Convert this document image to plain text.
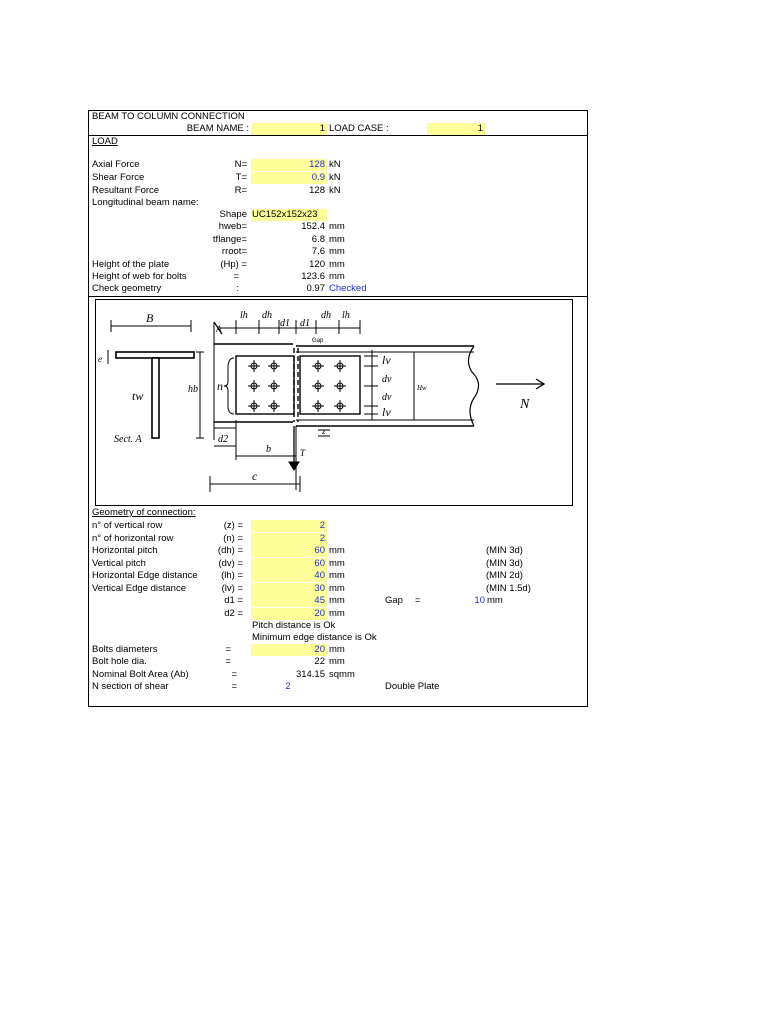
BEAM TO COLUMN CONNECTION
BEAM NAME :	1 LOAD CASE :	1
LOAD
Axial Force	N=	128 kN
Shear Force	T=	0.9 kN
Resultant Force	R=	128 kN
Longitudinal beam name:
Shape UC152x152x23
hweb=	152.4 mm
tflange=	6.8 mm
rroot=	7.6 mm
Height of the plate	(Hp) =	120 mm
Height of web for bolts	=	123.6 mm
Check geometry	:	0.97 Checked
B
e
tw	hb
Sect. A
A
lh dh
d1 d1
dh lh
Gap
n
lv
dv
dv
lv
Hw
N
z
d2
b	T
c
Geometry of connection:
n° of vertical row	(z) =	2
n° of horizontal row	(n) =	2
Horizontal pitch	(dh) =	60 mm	(MIN 3d)
Vertical pitch	(dv) =	60 mm	(MIN 3d)
Horizontal Edge distance	(lh) =	40 mm	(MIN 2d)
Vertical Edge distance	(lv) =	30 mm	(MIN 1.5d)
d1 =	45 mm
d2 =	20 mm
Gap =	10 mm
Pitch distance is Ok
Minimum edge distance is Ok
Bolts diameters	=	20 mm
Bolt hole dia.	=	22 mm
Nominal Bolt Area (Ab)	=	314.15 sqmm
N section of shear	=	2	Double Plate
